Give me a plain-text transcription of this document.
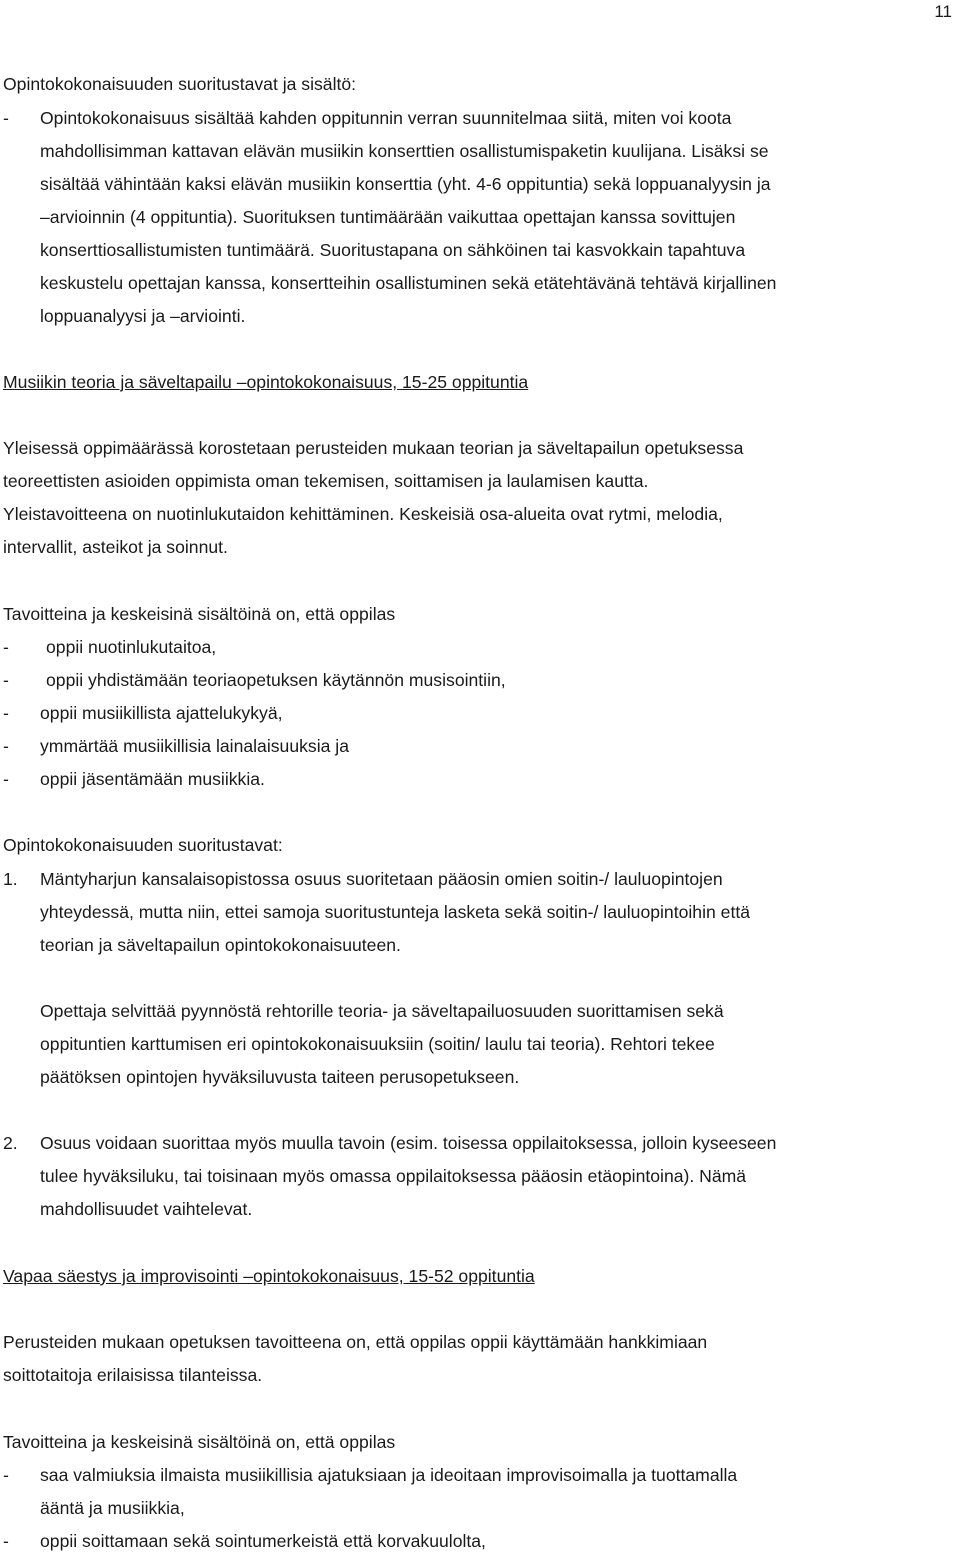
11
Opintokokonaisuuden suoritustavat ja sisältö:
- Opintokokonaisuus sisältää kahden oppitunnin verran suunnitelmaa siitä, miten voi koota
mahdollisimman kattavan elävän musiikin konserttien osallistumispaketin kuulijana. Lisäksi se
sisältää vähintään kaksi elävän musiikin konserttia (yht. 4-6 oppituntia) sekä loppuanalyysin ja
–arvioinnin (4 oppituntia). Suorituksen tuntimäärään vaikuttaa opettajan kanssa sovittujen
konserttiosallistumisten tuntimäärä. Suoritustapana on sähköinen tai kasvokkain tapahtuva
keskustelu opettajan kanssa, konsertteihin osallistuminen sekä etätehtävänä tehtävä kirjallinen
loppuanalyysi ja –arviointi.
Musiikin teoria ja säveltapailu –opintokokonaisuus, 15-25 oppituntia
Yleisessä oppimäärässä korostetaan perusteiden mukaan teorian ja säveltapailun opetuksessa
teoreettisten asioiden oppimista oman tekemisen, soittamisen ja laulamisen kautta.
Yleistavoitteena on nuotinlukutaidon kehittäminen. Keskeisiä osa-alueita ovat rytmi, melodia,
intervallit, asteikot ja soinnut.
Tavoitteina ja keskeisinä sisältöinä on, että oppilas
- oppii nuotinlukutaitoa,
- oppii yhdistämään teoriaopetuksen käytännön musisointiin,
- oppii musiikillista ajattelukykyä,
- ymmärtää musiikillisia lainalaisuuksia ja
- oppii jäsentämään musiikkia.
Opintokokonaisuuden suoritustavat:
1. Mäntyharjun kansalaisopistossa osuus suoritetaan pääosin omien soitin-/ lauluopintojen
yhteydessä, mutta niin, ettei samoja suoritustunteja lasketa sekä soitin-/ lauluopintoihin että
teorian ja säveltapailun opintokokonaisuuteen.
Opettaja selvittää pyynnöstä rehtorille teoria- ja säveltapailuosuuden suorittamisen sekä
oppituntien karttumisen eri opintokokonaisuuksiin (soitin/ laulu tai teoria). Rehtori tekee
päätöksen opintojen hyväksiluvusta taiteen perusopetukseen.
2. Osuus voidaan suorittaa myös muulla tavoin (esim. toisessa oppilaitoksessa, jolloin kyseeseen
tulee hyväksiluku, tai toisinaan myös omassa oppilaitoksessa pääosin etäopintoina). Nämä
mahdollisuudet vaihtelevat.
Vapaa säestys ja improvisointi –opintokokonaisuus, 15-52 oppituntia
Perusteiden mukaan opetuksen tavoitteena on, että oppilas oppii käyttämään hankkimiaan
soittotaitoja erilaisissa tilanteissa.
Tavoitteina ja keskeisinä sisältöinä on, että oppilas
- saa valmiuksia ilmaista musiikillisia ajatuksiaan ja ideoitaan improvisoimalla ja tuottamalla
ääntä ja musiikkia,
- oppii soittamaan sekä sointumerkeistä että korvakuulolta,
